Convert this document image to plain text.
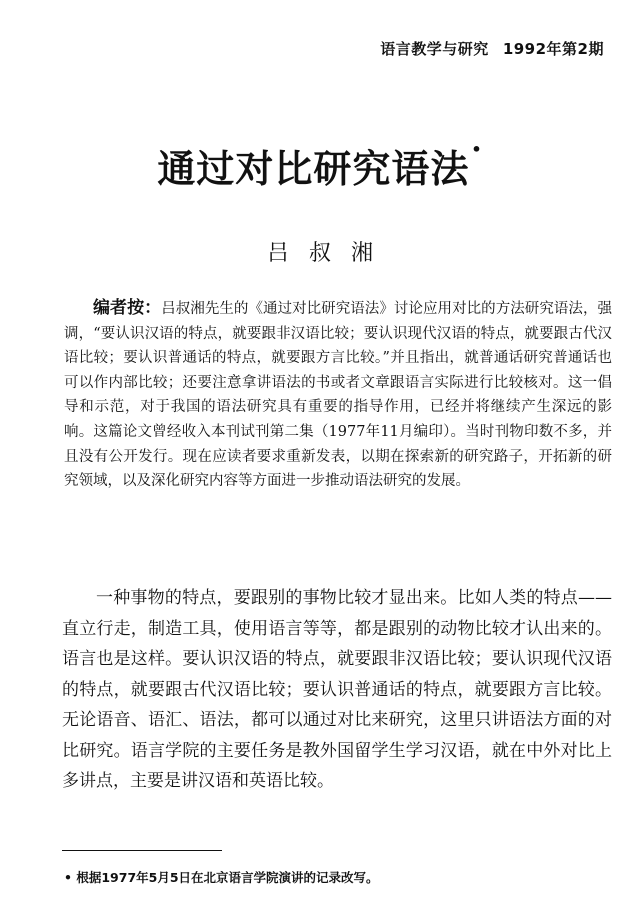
语言教学与研究 1992年第2期
通过对比研究语法 •
吕叔湘
编者按：吕叔湘先生的《通过对比研究语法》讨论应用对比的方法研究语法，强调，“要认识汉语的特点，就要跟非汉语比较；要认识现代汉语的特点，就要跟古代汉语比较；要认识普通话的特点，就要跟方言比较。”并且指出，就普通话研究普通话也可以作内部比较；还要注意拿讲语法的书或者文章跟语言实际进行比较核对。这一倡导和示范，对于我国的语法研究具有重要的指导作用，已经并将继续产生深远的影响。这篇论文曾经收入本刊试刊第二集（1977年11月编印）。当时刊物印数不多，并且没有公开发行。现在应读者要求重新发表，以期在探索新的研究路子，开拓新的研究领域，以及深化研究内容等方面进一步推动语法研究的发展。
一种事物的特点，要跟别的事物比较才显出来。比如人类的特点——直立行走，制造工具，使用语言等等，都是跟别的动物比较才认出来的。语言也是这样。要认识汉语的特点，就要跟非汉语比较；要认识现代汉语的特点，就要跟古代汉语比较；要认识普通话的特点，就要跟方言比较。无论语音、语汇、语法，都可以通过对比来研究，这里只讲语法方面的对比研究。语言学院的主要任务是教外国留学生学习汉语，就在中外对比上多讲点，主要是讲汉语和英语比较。
• 根据1977年5月5日在北京语言学院演讲的记录改写。
